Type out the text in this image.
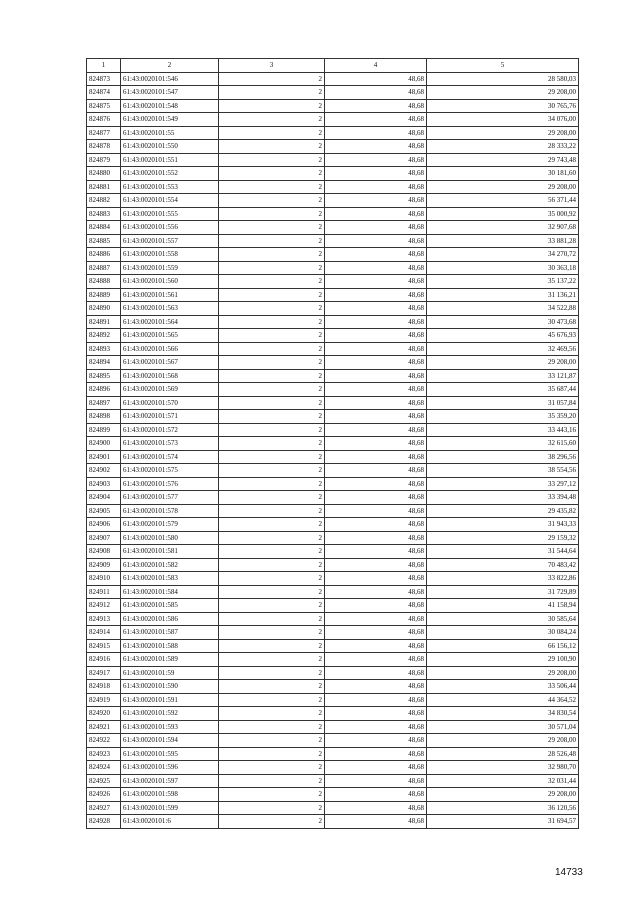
1	2	3	4	5
824873	61:43:0020101:546	2	48,68	28 580,03
824874	61:43:0020101:547	2	48,68	29 208,00
824875	61:43:0020101:548	2	48,68	30 765,76
824876	61:43:0020101:549	2	48,68	34 076,00
824877	61:43:0020101:55	2	48,68	29 208,00
824878	61:43:0020101:550	2	48,68	28 333,22
824879	61:43:0020101:551	2	48,68	29 743,48
824880	61:43:0020101:552	2	48,68	30 181,60
824881	61:43:0020101:553	2	48,68	29 208,00
824882	61:43:0020101:554	2	48,68	56 371,44
824883	61:43:0020101:555	2	48,68	35 000,92
824884	61:43:0020101:556	2	48,68	32 907,68
824885	61:43:0020101:557	2	48,68	33 881,28
824886	61:43:0020101:558	2	48,68	34 270,72
824887	61:43:0020101:559	2	48,68	30 363,18
824888	61:43:0020101:560	2	48,68	35 137,22
824889	61:43:0020101:561	2	48,68	31 136,21
824890	61:43:0020101:563	2	48,68	34 522,88
824891	61:43:0020101:564	2	48,68	30 473,68
824892	61:43:0020101:565	2	48,68	45 676,93
824893	61:43:0020101:566	2	48,68	32 469,56
824894	61:43:0020101:567	2	48,68	29 208,00
824895	61:43:0020101:568	2	48,68	33 121,87
824896	61:43:0020101:569	2	48,68	35 687,44
824897	61:43:0020101:570	2	48,68	31 057,84
824898	61:43:0020101:571	2	48,68	35 359,20
824899	61:43:0020101:572	2	48,68	33 443,16
824900	61:43:0020101:573	2	48,68	32 615,60
824901	61:43:0020101:574	2	48,68	38 296,56
824902	61:43:0020101:575	2	48,68	38 554,56
824903	61:43:0020101:576	2	48,68	33 297,12
824904	61:43:0020101:577	2	48,68	33 394,48
824905	61:43:0020101:578	2	48,68	29 435,82
824906	61:43:0020101:579	2	48,68	31 943,33
824907	61:43:0020101:580	2	48,68	29 159,32
824908	61:43:0020101:581	2	48,68	31 544,64
824909	61:43:0020101:582	2	48,68	70 483,42
824910	61:43:0020101:583	2	48,68	33 822,86
824911	61:43:0020101:584	2	48,68	31 729,89
824912	61:43:0020101:585	2	48,68	41 158,94
824913	61:43:0020101:586	2	48,68	30 585,64
824914	61:43:0020101:587	2	48,68	30 084,24
824915	61:43:0020101:588	2	48,68	66 156,12
824916	61:43:0020101:589	2	48,68	29 100,90
824917	61:43:0020101:59	2	48,68	29 208,00
824918	61:43:0020101:590	2	48,68	33 506,44
824919	61:43:0020101:591	2	48,68	44 364,52
824920	61:43:0020101:592	2	48,68	34 830,54
824921	61:43:0020101:593	2	48,68	30 571,04
824922	61:43:0020101:594	2	48,68	29 208,00
824923	61:43:0020101:595	2	48,68	28 526,48
824924	61:43:0020101:596	2	48,68	32 980,70
824925	61:43:0020101:597	2	48,68	32 031,44
824926	61:43:0020101:598	2	48,68	29 208,00
824927	61:43:0020101:599	2	48,68	36 120,56
824928	61:43:0020101:6	2	48,68	31 694,57
14733
